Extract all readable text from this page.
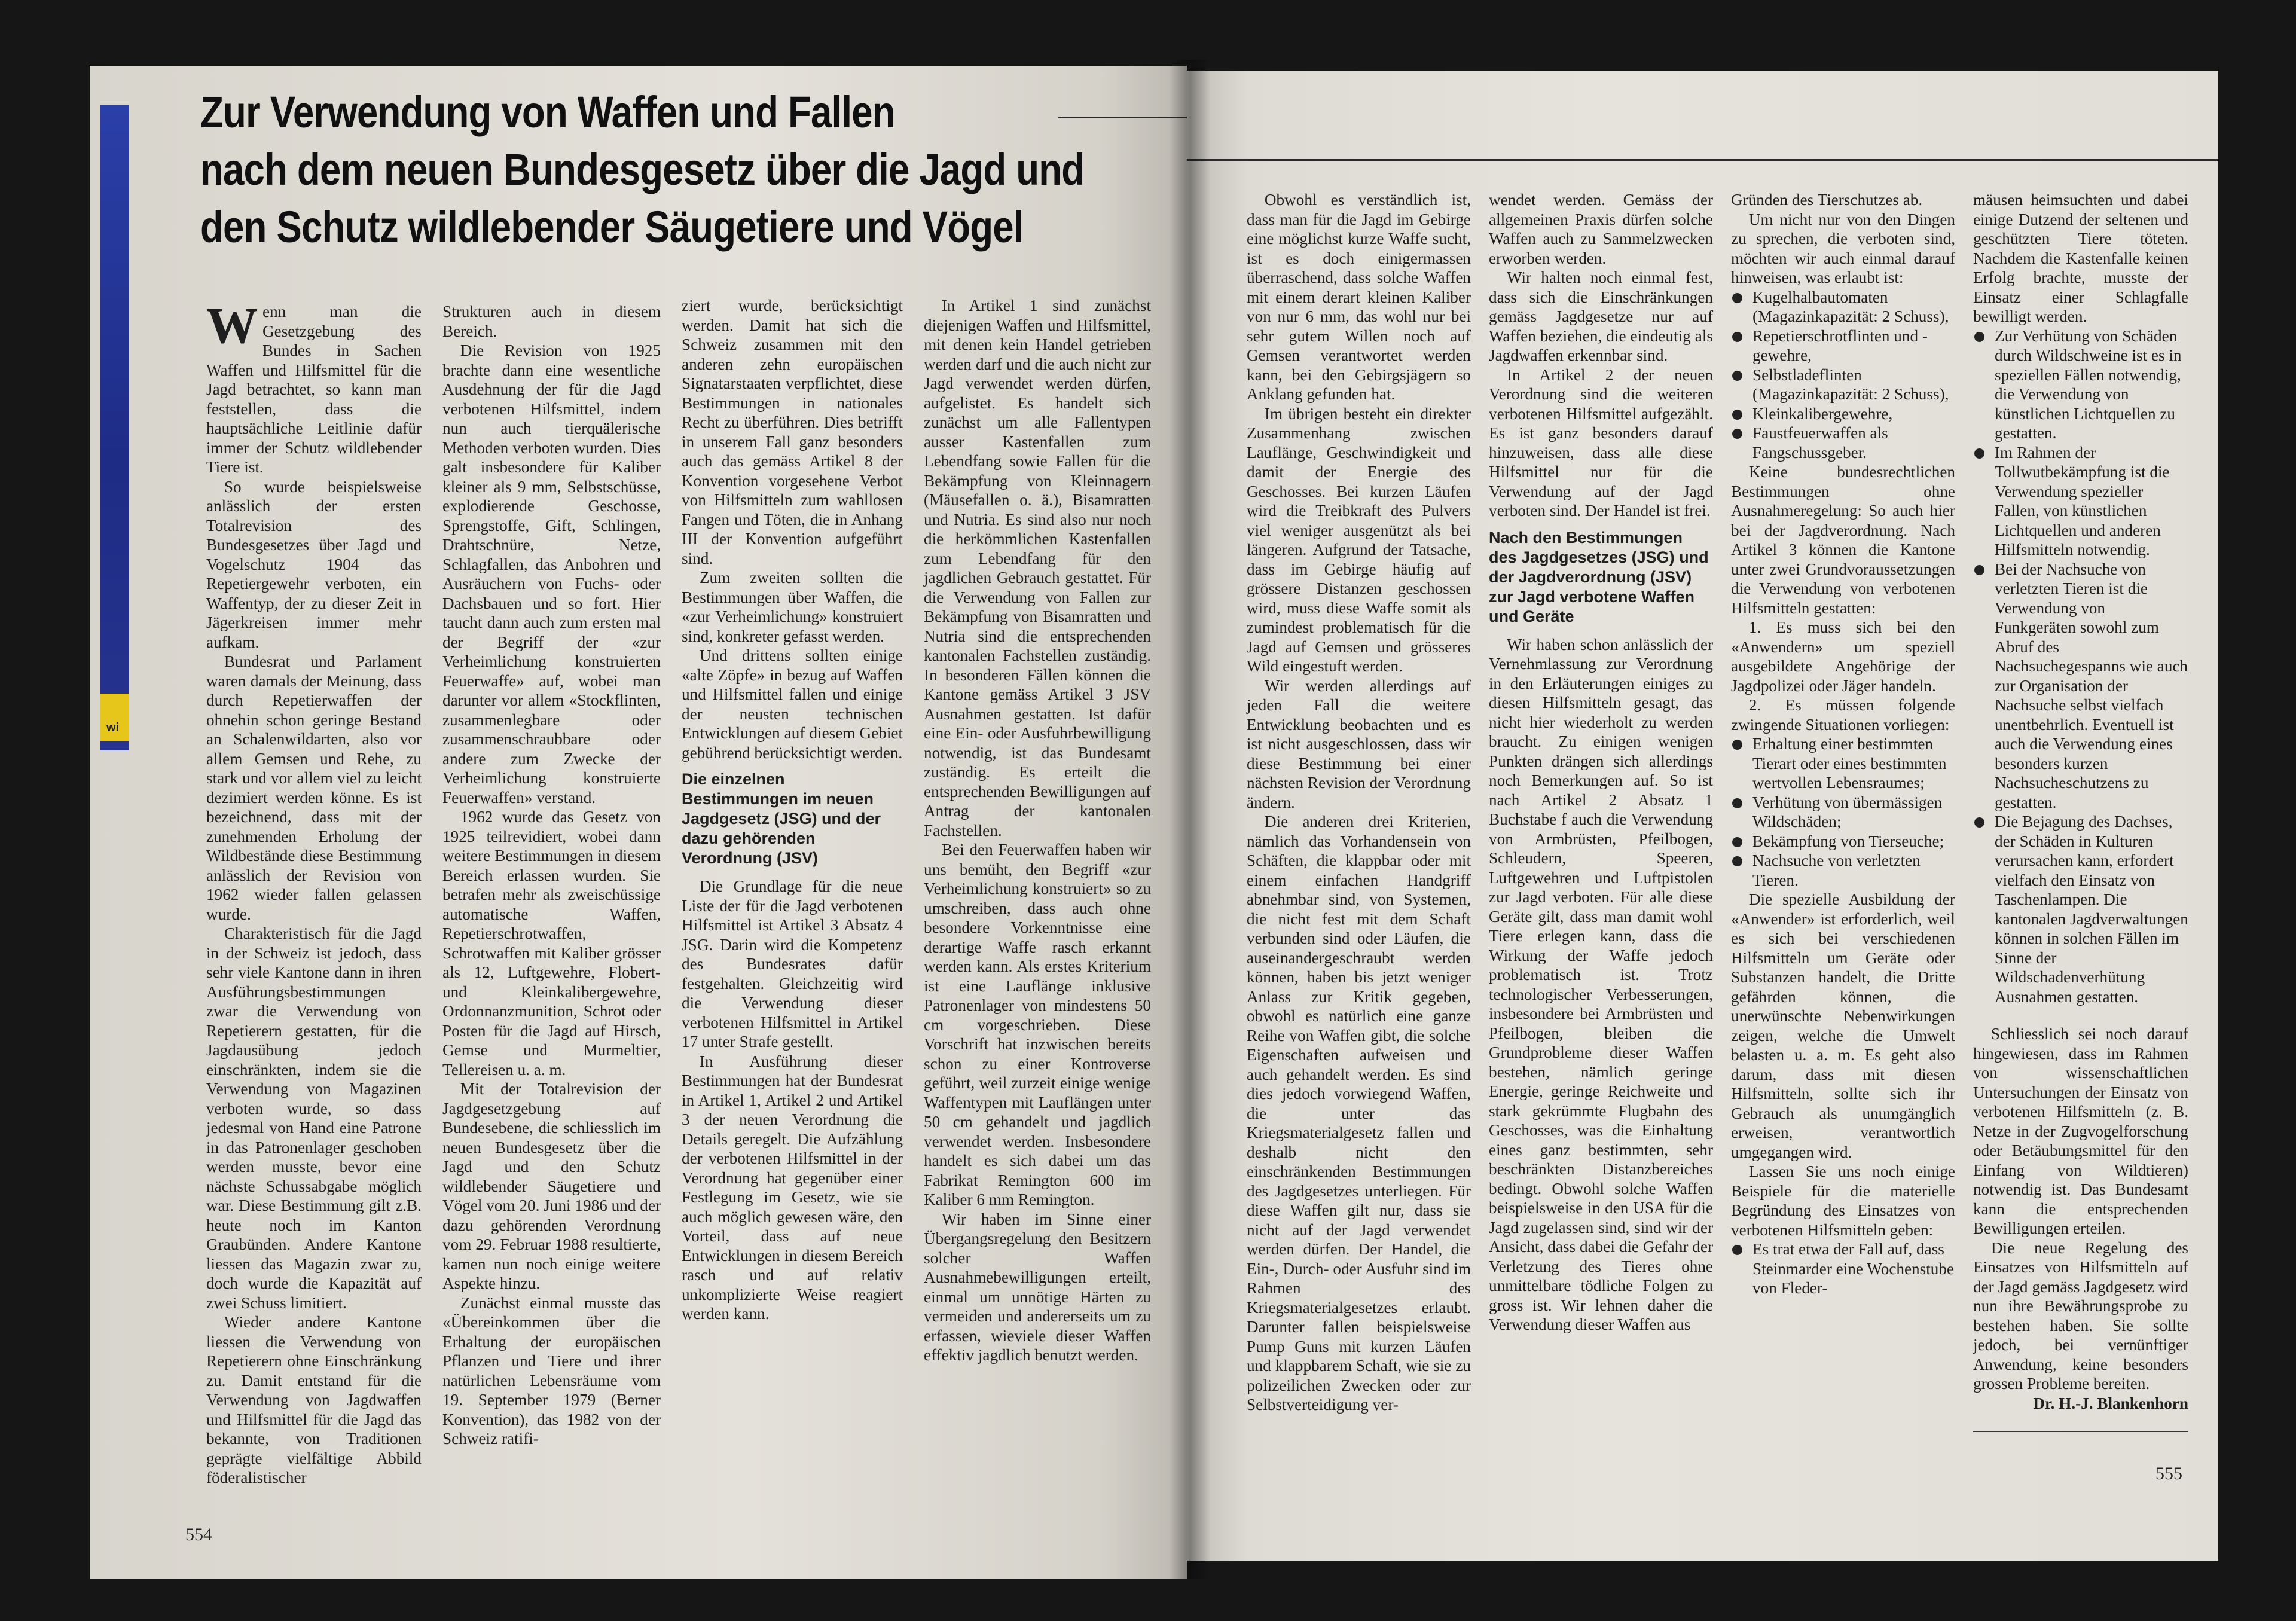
Zur Verwendung von Waffen und Fallen
nach dem neuen Bundesgesetz über die Jagd und
den Schutz wildlebender Säugetiere und Vögel
W enn man die Gesetzgebung des Bundes in Sachen Waffen und Hilfsmittel für die Jagd betrachtet, so kann man feststellen, dass die hauptsächliche Leitlinie dafür immer der Schutz wildlebender Tiere ist.

So wurde beispielsweise anlässlich der ersten Totalrevision des Bundesgesetzes über Jagd und Vogelschutz 1904 das Repetiergewehr verboten, ein Waffentyp, der zu dieser Zeit in Jägerkreisen immer mehr aufkam.

Bundesrat und Parlament waren damals der Meinung, dass durch Repetierwaffen der ohnehin schon geringe Bestand an Schalenwildarten, also vor allem Gemsen und Rehe, zu stark und vor allem viel zu leicht dezimiert werden könne. Es ist bezeichnend, dass mit der zunehmenden Erholung der Wildbestände diese Bestimmung anlässlich der Revision von 1962 wieder fallen gelassen wurde.

Charakteristisch für die Jagd in der Schweiz ist jedoch, dass sehr viele Kantone dann in ihren Ausführungsbestimmungen zwar die Verwendung von Repetierern gestatten, für die Jagdausübung jedoch einschränkten, indem sie die Verwendung von Magazinen verboten wurde, so dass jedesmal von Hand eine Patrone in das Patronenlager geschoben werden musste, bevor eine nächste Schussabgabe möglich war. Diese Bestimmung gilt z.B. heute noch im Kanton Graubünden. Andere Kantone liessen das Magazin zwar zu, doch wurde die Kapazität auf zwei Schuss limitiert.

Wieder andere Kantone liessen die Verwendung von Repetierern ohne Einschränkung zu. Damit entstand für die Verwendung von Jagdwaffen und Hilfsmittel für die Jagd das bekannte, von Traditionen geprägte vielfältige Abbild föderalistischer

Strukturen auch in diesem Bereich.

Die Revision von 1925 brachte dann eine wesentliche Ausdehnung der für die Jagd verbotenen Hilfsmittel, indem nun auch tierquälerische Methoden verboten wurden. Dies galt insbesondere für Kaliber kleiner als 9 mm, Selbstschüsse, explodierende Geschosse, Sprengstoffe, Gift, Schlingen, Drahtschnüre, Netze, Schlagfallen, das Anbohren und Ausräuchern von Fuchs- oder Dachsbauen und so fort. Hier taucht dann auch zum ersten mal der Begriff der «zur Verheimlichung konstruierten Feuerwaffe» auf, wobei man darunter vor allem «Stockflinten, zusammenlegbare oder zusammenschraubbare oder andere zum Zwecke der Verheimlichung konstruierte Feuerwaffen» verstand.

1962 wurde das Gesetz von 1925 teilrevidiert, wobei dann weitere Bestimmungen in diesem Bereich erlassen wurden. Sie betrafen mehr als zweischüssige automatische Waffen, Repetierschrotwaffen, Schrotwaffen mit Kaliber grösser als 12, Luftgewehre, Flobert- und Kleinkalibergewehre, Ordonnanzmunition, Schrot oder Posten für die Jagd auf Hirsch, Gemse und Murmeltier, Tellereisen u. a. m.

Mit der Totalrevision der Jagdgesetzgebung auf Bundesebene, die schliesslich im neuen Bundesgesetz über die Jagd und den Schutz wildlebender Säugetiere und Vögel vom 20. Juni 1986 und der dazu gehörenden Verordnung vom 29. Februar 1988 resultierte, kamen nun noch einige weitere Aspekte hinzu.

Zunächst einmal musste das «Übereinkommen über die Erhaltung der europäischen Pflanzen und Tiere und ihrer natürlichen Lebensräume vom 19. September 1979 (Berner Konvention), das 1982 von der Schweiz ratifi-

ziert wurde, berücksichtigt werden. Damit hat sich die Schweiz zusammen mit den anderen zehn europäischen Signatarstaaten verpflichtet, diese Bestimmungen in nationales Recht zu überführen. Dies betrifft in unserem Fall ganz besonders auch das gemäss Artikel 8 der Konvention vorgesehene Verbot von Hilfsmitteln zum wahllosen Fangen und Töten, die in Anhang III der Konvention aufgeführt sind.

Zum zweiten sollten die Bestimmungen über Waffen, die «zur Verheimlichung» konstruiert sind, konkreter gefasst werden.

Und drittens sollten einige «alte Zöpfe» in bezug auf Waffen und Hilfsmittel fallen und einige der neusten technischen Entwicklungen auf diesem Gebiet gebührend berücksichtigt werden.

Die einzelnen Bestimmungen im neuen Jagdgesetz (JSG) und der dazu gehörenden Verordnung (JSV)

Die Grundlage für die neue Liste der für die Jagd verbotenen Hilfsmittel ist Artikel 3 Absatz 4 JSG. Darin wird die Kompetenz des Bundesrates dafür festgehalten. Gleichzeitig wird die Verwendung dieser verbotenen Hilfsmittel in Artikel 17 unter Strafe gestellt.

In Ausführung dieser Bestimmungen hat der Bundesrat in Artikel 1, Artikel 2 und Artikel 3 der neuen Verordnung die Details geregelt. Die Aufzählung der verbotenen Hilfsmittel in der Verordnung hat gegenüber einer Festlegung im Gesetz, wie sie auch möglich gewesen wäre, den Vorteil, dass auf neue Entwicklungen in diesem Bereich rasch und auf relativ unkomplizierte Weise reagiert werden kann.

In Artikel 1 sind zunächst diejenigen Waffen und Hilfsmittel, mit denen kein Handel getrieben werden darf und die auch nicht zur Jagd verwendet werden dürfen, aufgelistet. Es handelt sich zunächst um alle Fallentypen ausser Kastenfallen zum Lebendfang sowie Fallen für die Bekämpfung von Kleinnagern (Mäusefallen o. ä.), Bisamratten und Nutria. Es sind also nur noch die herkömmlichen Kastenfallen zum Lebendfang für den jagdlichen Gebrauch gestattet. Für die Verwendung von Fallen zur Bekämpfung von Bisamratten und Nutria sind die entsprechenden kantonalen Fachstellen zuständig. In besonderen Fällen können die Kantone gemäss Artikel 3 JSV Ausnahmen gestatten. Ist dafür eine Ein- oder Ausfuhrbewilligung notwendig, ist das Bundesamt zuständig. Es erteilt die entsprechenden Bewilligungen auf Antrag der kantonalen Fachstellen.

Bei den Feuerwaffen haben wir uns bemüht, den Begriff «zur Verheimlichung konstruiert» so zu umschreiben, dass auch ohne besondere Vorkenntnisse eine derartige Waffe rasch erkannt werden kann. Als erstes Kriterium ist eine Lauflänge inklusive Patronenlager von mindestens 50 cm vorgeschrieben. Diese Vorschrift hat inzwischen bereits schon zu einer Kontroverse geführt, weil zurzeit einige wenige Waffentypen mit Lauflängen unter 50 cm gehandelt und jagdlich verwendet werden. Insbesondere handelt es sich dabei um das Fabrikat Remington 600 im Kaliber 6 mm Remington.

Wir haben im Sinne einer Übergangsregelung den Besitzern solcher Waffen Ausnahmebewilligungen erteilt, einmal um unnötige Härten zu vermeiden und andererseits um zu erfassen, wieviele dieser Waffen effektiv jagdlich benutzt werden.

554

Obwohl es verständlich ist, dass man für die Jagd im Gebirge eine möglichst kurze Waffe sucht, ist es doch einigermassen überraschend, dass solche Waffen mit einem derart kleinen Kaliber von nur 6 mm, das wohl nur bei sehr gutem Willen noch auf Gemsen verantwortet werden kann, bei den Gebirgsjägern so Anklang gefunden hat.

Im übrigen besteht ein direkter Zusammenhang zwischen Lauflänge, Geschwindigkeit und damit der Energie des Geschosses. Bei kurzen Läufen wird die Treibkraft des Pulvers viel weniger ausgenützt als bei längeren. Aufgrund der Tatsache, dass im Gebirge häufig auf grössere Distanzen geschossen wird, muss diese Waffe somit als zumindest problematisch für die Jagd auf Gemsen und grösseres Wild eingestuft werden.

Wir werden allerdings auf jeden Fall die weitere Entwicklung beobachten und es ist nicht ausgeschlossen, dass wir diese Bestimmung bei einer nächsten Revision der Verordnung ändern.

Die anderen drei Kriterien, nämlich das Vorhandensein von Schäften, die klappbar oder mit einem einfachen Handgriff abnehmbar sind, von Systemen, die nicht fest mit dem Schaft verbunden sind oder Läufen, die auseinandergeschraubt werden können, haben bis jetzt weniger Anlass zur Kritik gegeben, obwohl es natürlich eine ganze Reihe von Waffen gibt, die solche Eigenschaften aufweisen und auch gehandelt werden. Es sind dies jedoch vorwiegend Waffen, die unter das Kriegsmaterialgesetz fallen und deshalb nicht den einschränkenden Bestimmungen des Jagdgesetzes unterliegen. Für diese Waffen gilt nur, dass sie nicht auf der Jagd verwendet werden dürfen. Der Handel, die Ein-, Durch- oder Ausfuhr sind im Rahmen des Kriegsmaterialgesetzes erlaubt. Darunter fallen beispielsweise Pump Guns mit kurzen Läufen und klappbarem Schaft, wie sie zu polizeilichen Zwecken oder zur Selbstverteidigung ver-

wendet werden. Gemäss der allgemeinen Praxis dürfen solche Waffen auch zu Sammelzwecken erworben werden.

Wir halten noch einmal fest, dass sich die Einschränkungen gemäss Jagdgesetze nur auf Waffen beziehen, die eindeutig als Jagdwaffen erkennbar sind.

In Artikel 2 der neuen Verordnung sind die weiteren verbotenen Hilfsmittel aufgezählt. Es ist ganz besonders darauf hinzuweisen, dass alle diese Hilfsmittel nur für die Verwendung auf der Jagd verboten sind. Der Handel ist frei.

Nach den Bestimmungen des Jagdgesetzes (JSG) und der Jagdverordnung (JSV) zur Jagd verbotene Waffen und Geräte

Wir haben schon anlässlich der Vernehmlassung zur Verordnung in den Erläuterungen einiges zu diesen Hilfsmitteln gesagt, das nicht hier wiederholt zu werden braucht. Zu einigen wenigen Punkten drängen sich allerdings noch Bemerkungen auf. So ist nach Artikel 2 Absatz 1 Buchstabe f auch die Verwendung von Armbrüsten, Pfeilbogen, Schleudern, Speeren, Luftgewehren und Luftpistolen zur Jagd verboten. Für alle diese Geräte gilt, dass man damit wohl Tiere erlegen kann, dass die Wirkung der Waffe jedoch problematisch ist. Trotz technologischer Verbesserungen, insbesondere bei Armbrüsten und Pfeilbogen, bleiben die Grundprobleme dieser Waffen bestehen, nämlich geringe Energie, geringe Reichweite und stark gekrümmte Flugbahn des Geschosses, was die Einhaltung eines ganz bestimmten, sehr beschränkten Distanzbereiches bedingt. Obwohl solche Waffen beispielsweise in den USA für die Jagd zugelassen sind, sind wir der Ansicht, dass dabei die Gefahr der Verletzung des Tieres ohne unmittelbare tödliche Folgen zu gross ist. Wir lehnen daher die Verwendung dieser Waffen aus

Gründen des Tierschutzes ab.

Um nicht nur von den Dingen zu sprechen, die verboten sind, möchten wir auch einmal darauf hinweisen, was erlaubt ist:

Kugelhalbautomaten (Magazinkapazität: 2 Schuss),
Repetierschrotflinten und -gewehre,
Selbstladeflinten (Magazinkapazität: 2 Schuss),
Kleinkalibergewehre,
Faustfeuerwaffen als Fangschussgeber.

Keine bundesrechtlichen Bestimmungen ohne Ausnahmeregelung: So auch hier bei der Jagdverordnung. Nach Artikel 3 können die Kantone unter zwei Grundvoraussetzungen die Verwendung von verbotenen Hilfsmitteln gestatten:

1. Es muss sich bei den «Anwendern» um speziell ausgebildete Angehörige der Jagdpolizei oder Jäger handeln.

2. Es müssen folgende zwingende Situationen vorliegen:

Erhaltung einer bestimmten Tierart oder eines bestimmten wertvollen Lebensraumes;
Verhütung von übermässigen Wildschäden;
Bekämpfung von Tierseuche;
Nachsuche von verletzten Tieren.

Die spezielle Ausbildung der «Anwender» ist erforderlich, weil es sich bei verschiedenen Hilfsmitteln um Geräte oder Substanzen handelt, die Dritte gefährden können, die unerwünschte Nebenwirkungen zeigen, welche die Umwelt belasten u. a. m. Es geht also darum, dass mit diesen Hilfsmitteln, sollte sich ihr Gebrauch als unumgänglich erweisen, verantwortlich umgegangen wird.

Lassen Sie uns noch einige Beispiele für die materielle Begründung des Einsatzes von verbotenen Hilfsmitteln geben:

Es trat etwa der Fall auf, dass Steinmarder eine Wochenstube von Fleder-

mäusen heimsuchten und dabei einige Dutzend der seltenen und geschützten Tiere töteten. Nachdem die Kastenfalle keinen Erfolg brachte, musste der Einsatz einer Schlagfalle bewilligt werden.

Zur Verhütung von Schäden durch Wildschweine ist es in speziellen Fällen notwendig, die Verwendung von künstlichen Lichtquellen zu gestatten.
Im Rahmen der Tollwutbekämpfung ist die Verwendung spezieller Fallen, von künstlichen Lichtquellen und anderen Hilfsmitteln notwendig.
Bei der Nachsuche von verletzten Tieren ist die Verwendung von Funkgeräten sowohl zum Abruf des Nachsuchegespanns wie auch zur Organisation der Nachsuche selbst vielfach unentbehrlich. Eventuell ist auch die Verwendung eines besonders kurzen Nachsucheschutzens zu gestatten.
Die Bejagung des Dachses, der Schäden in Kulturen verursachen kann, erfordert vielfach den Einsatz von Taschenlampen. Die kantonalen Jagdverwaltungen können in solchen Fällen im Sinne der Wildschadenverhütung Ausnahmen gestatten.

Schliesslich sei noch darauf hingewiesen, dass im Rahmen von wissenschaftlichen Untersuchungen der Einsatz von verbotenen Hilfsmitteln (z. B. Netze in der Zugvogelforschung oder Betäubungsmittel für den Einfang von Wildtieren) notwendig ist. Das Bundesamt kann die entsprechenden Bewilligungen erteilen.

Die neue Regelung des Einsatzes von Hilfsmitteln auf der Jagd gemäss Jagdgesetz wird nun ihre Bewährungsprobe zu bestehen haben. Sie sollte jedoch, bei vernünftiger Anwendung, keine besonders grossen Probleme bereiten.

Dr. H.-J. Blankenhorn

555
wi
